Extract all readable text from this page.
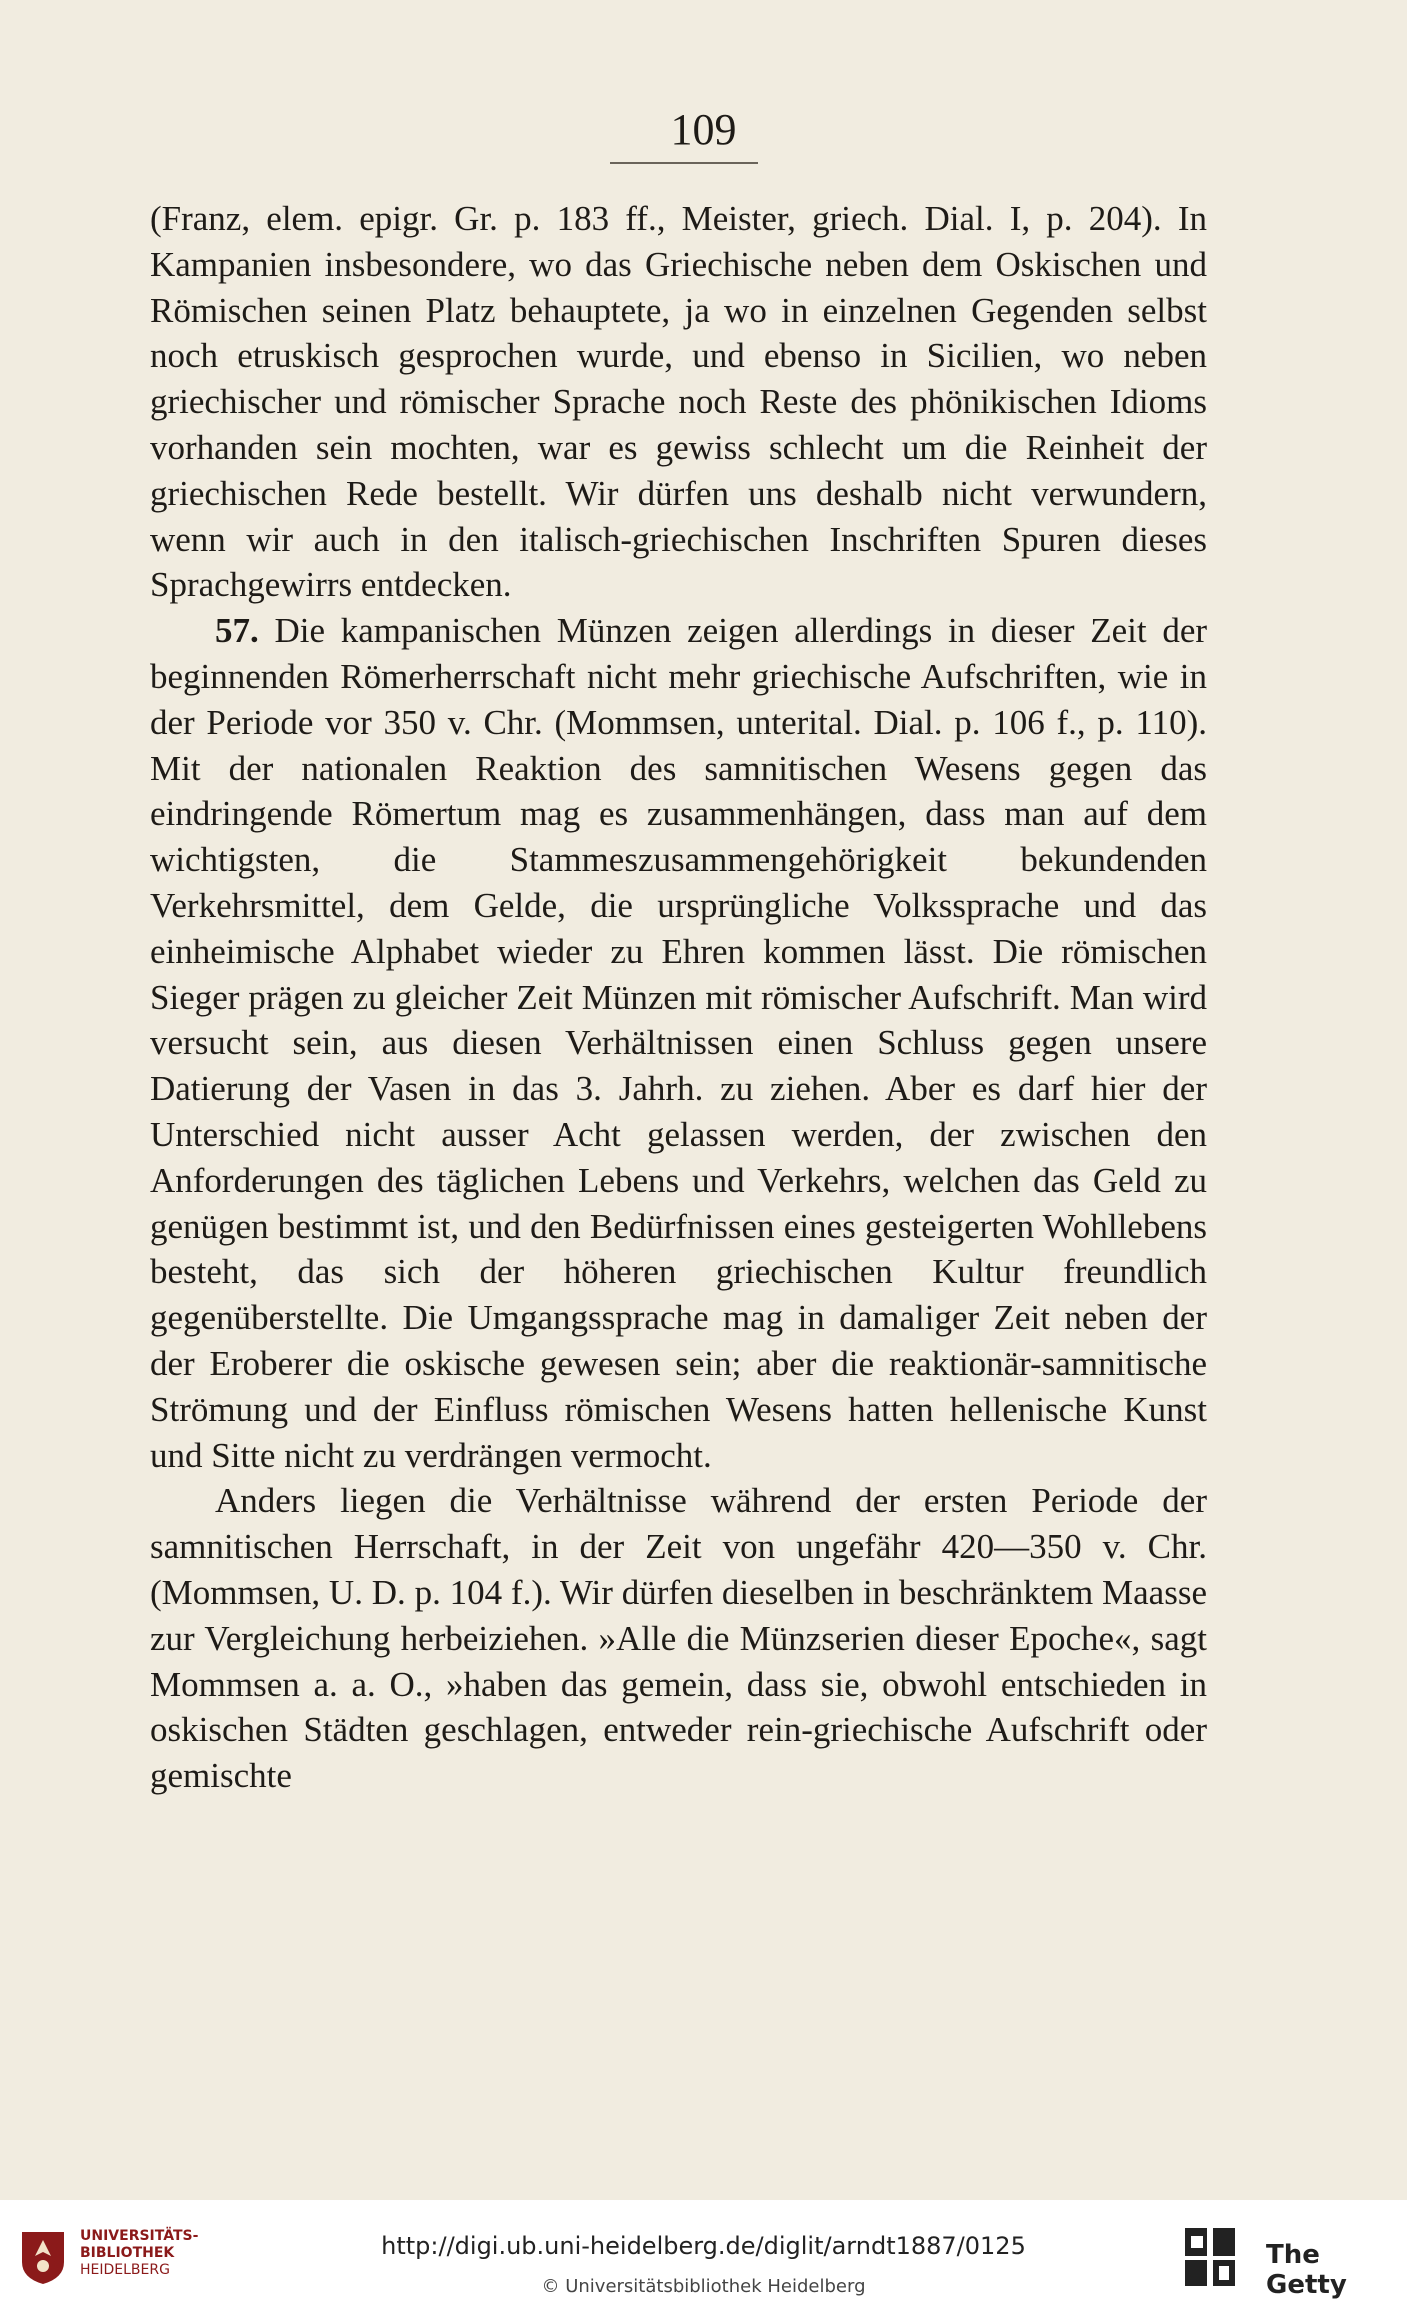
109

(Franz, elem. epigr. Gr. p. 183 ff., Meister, griech. Dial. I, p. 204). In Kampanien insbesondere, wo das Griechische neben dem Oskischen und Römischen seinen Platz behauptete, ja wo in einzelnen Gegenden selbst noch etruskisch gesprochen wurde, und ebenso in Sicilien, wo neben griechischer und römischer Sprache noch Reste des phönikischen Idioms vorhanden sein mochten, war es gewiss schlecht um die Reinheit der griechischen Rede bestellt. Wir dürfen uns deshalb nicht verwundern, wenn wir auch in den italisch-griechischen Inschriften Spuren dieses Sprachgewirrs entdecken.

57. Die kampanischen Münzen zeigen allerdings in dieser Zeit der beginnenden Römerherrschaft nicht mehr griechische Aufschriften, wie in der Periode vor 350 v. Chr. (Mommsen, unterital. Dial. p. 106 f., p. 110). Mit der nationalen Reaktion des samnitischen Wesens gegen das eindringende Römertum mag es zusammenhängen, dass man auf dem wichtigsten, die Stammeszusammengehörigkeit bekundenden Verkehrsmittel, dem Gelde, die ursprüngliche Volkssprache und das einheimische Alphabet wieder zu Ehren kommen lässt. Die römischen Sieger prägen zu gleicher Zeit Münzen mit römischer Aufschrift. Man wird versucht sein, aus diesen Verhältnissen einen Schluss gegen unsere Datierung der Vasen in das 3. Jahrh. zu ziehen. Aber es darf hier der Unterschied nicht ausser Acht gelassen werden, der zwischen den Anforderungen des täglichen Lebens und Verkehrs, welchen das Geld zu genügen bestimmt ist, und den Bedürfnissen eines gesteigerten Wohllebens besteht, das sich der höheren griechischen Kultur freundlich gegenüberstellte. Die Umgangssprache mag in damaliger Zeit neben der der Eroberer die oskische gewesen sein; aber die reaktionär-samnitische Strömung und der Einfluss römischen Wesens hatten hellenische Kunst und Sitte nicht zu verdrängen vermocht.

Anders liegen die Verhältnisse während der ersten Periode der samnitischen Herrschaft, in der Zeit von ungefähr 420—350 v. Chr. (Mommsen, U. D. p. 104 f.). Wir dürfen dieselben in beschränktem Maasse zur Vergleichung herbeiziehen. »Alle die Münzserien dieser Epoche«, sagt Mommsen a. a. O., »haben das gemein, dass sie, obwohl entschieden in oskischen Städten geschlagen, entweder rein-griechische Aufschrift oder gemischte

UNIVERSITÄTS-
BIBLIOTHEK
HEIDELBERG
http://digi.ub.uni-heidelberg.de/diglit/arndt1887/0125
© Universitätsbibliothek Heidelberg
The Getty
